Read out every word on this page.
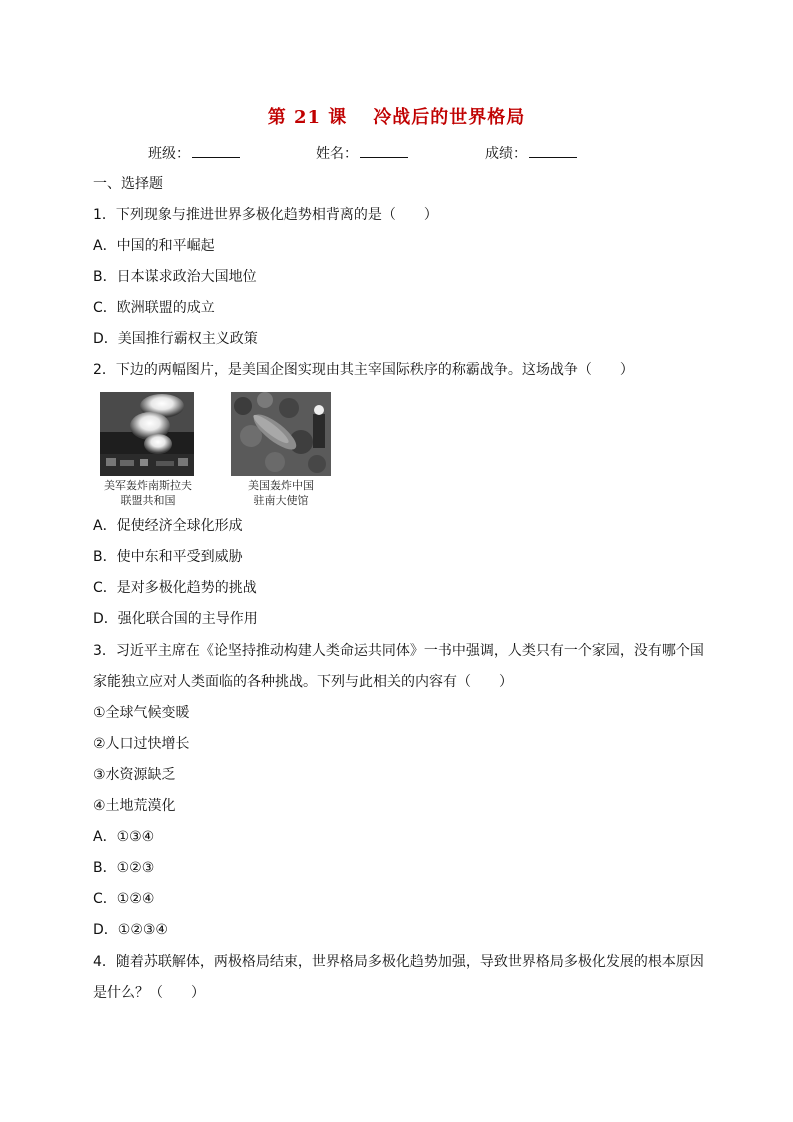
第 21 课 冷战后的世界格局
班级：	姓名：	成绩：
一、选择题
1．下列现象与推进世界多极化趋势相背离的是（　　）
A．中国的和平崛起
B．日本谋求政治大国地位
C．欧洲联盟的成立
D．美国推行霸权主义政策
2．下边的两幅图片，是美国企图实现由其主宰国际秩序的称霸战争。这场战争（　　）
美军轰炸南斯拉夫
联盟共和国
美国轰炸中国
驻南大使馆
A．促使经济全球化形成
B．使中东和平受到威胁
C．是对多极化趋势的挑战
D．强化联合国的主导作用
3．习近平主席在《论坚持推动构建人类命运共同体》一书中强调，人类只有一个家园，没有哪个国
家能独立应对人类面临的各种挑战。下列与此相关的内容有（　　）
①全球气候变暖
②人口过快增长
③水资源缺乏
④土地荒漠化
A．①③④
B．①②③
C．①②④
D．①②③④
4．随着苏联解体，两极格局结束，世界格局多极化趋势加强，导致世界格局多极化发展的根本原因
是什么？（　　）
